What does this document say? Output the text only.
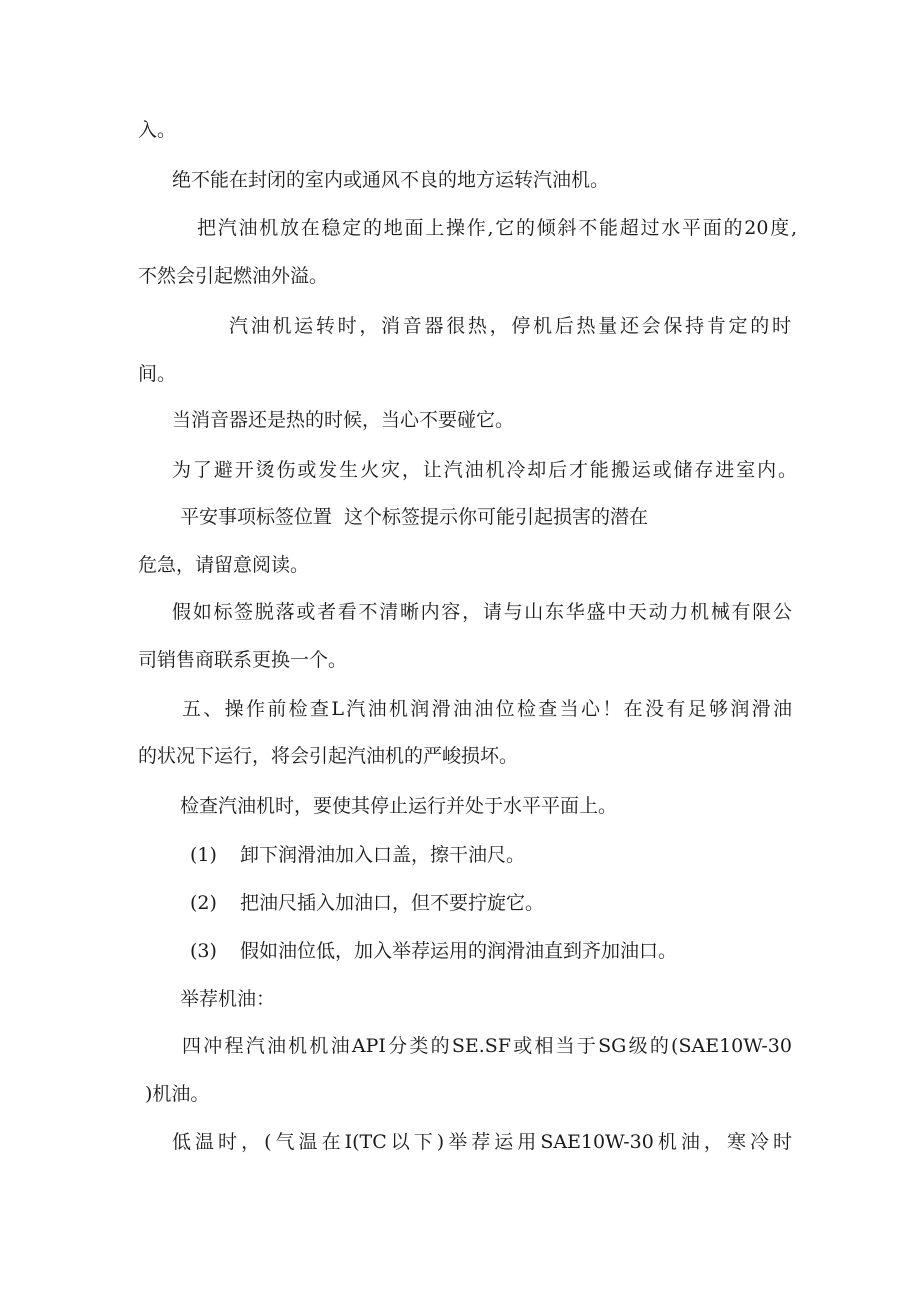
入。
绝不能在封闭的室内或通风不良的地方运转汽油机。
把汽油机放在稳定的地面上操作,它的倾斜不能超过水平面的20度,
不然会引起燃油外溢。
汽油机运转时，消音器很热，停机后热量还会保持肯定的时
间。
当消音器还是热的时候，当心不要碰它。
为了避开烫伤或发生火灾，让汽油机冷却后才能搬运或储存进室内。
平安事项标签位置 这个标签提示你可能引起损害的潜在
危急，请留意阅读。
假如标签脱落或者看不清晰内容，请与山东华盛中天动力机械有限公
司销售商联系更换一个。
五、操作前检查L汽油机润滑油油位检查当心！在没有足够润滑油
的状况下运行，将会引起汽油机的严峻损坏。
检查汽油机时，要使其停止运行并处于水平平面上。
(1) 卸下润滑油加入口盖，擦干油尺。
(2) 把油尺插入加油口，但不要拧旋它。
(3) 假如油位低，加入举荐运用的润滑油直到齐加油口。
举荐机油：
四冲程汽油机机油API分类的SE.SF或相当于SG级的(SAE10W-30
)机油。
低温时，(气温在I(TC以下)举荐运用SAE10W-30机油，寒冷时
